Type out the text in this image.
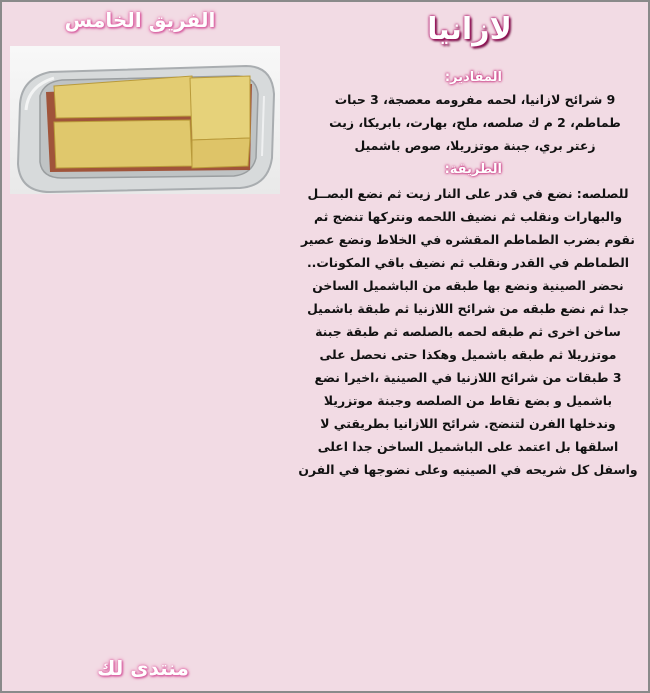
الفريق الخامس	لازانيا
المقادير:
9 شرائح لازانيا، لحمه مفرومه معصجة، 3 حبات
طماطم، 2 م ك صلصه، ملح، بهارت، بابريكا، زيت
زعتر بري، جبنة موتزريلا، صوص باشميل
الطريقة:
للصلصه: نضع في قدر على النار زيت ثم نضع البصــل
والبهارات ونقلب ثم نضيف اللحمه ونتركها تنضج ثم
نقوم بضرب الطماطم المقشره في الخلاط ونضع عصير
الطماطم في القدر ونقلب ثم نضيف باقي المكونات..
نحضر الصينية ونضع بها طبقه من الباشميل الساخن
جدا ثم نضع طبقه من شرائح اللازنيا ثم طبقة باشميل
ساخن اخرى ثم طبقه لحمه بالصلصه ثم طبقة جبنة
موتزريلا ثم طبقه باشميل وهكذا حتى نحصل على
3 طبقات من شرائح اللازنيا في الصينية ،اخيرا نضع
باشميل و بضع نقاط من الصلصه وجبنة موتزريلا
وندخلها الفرن لتنضج. شرائح اللازانيا بطريقتي لا
اسلقها بل اعتمد على الباشميل الساخن جدا اعلى
واسفل كل شريحه في الصينيه وعلى نضوجها في الفرن
منتدى لك
